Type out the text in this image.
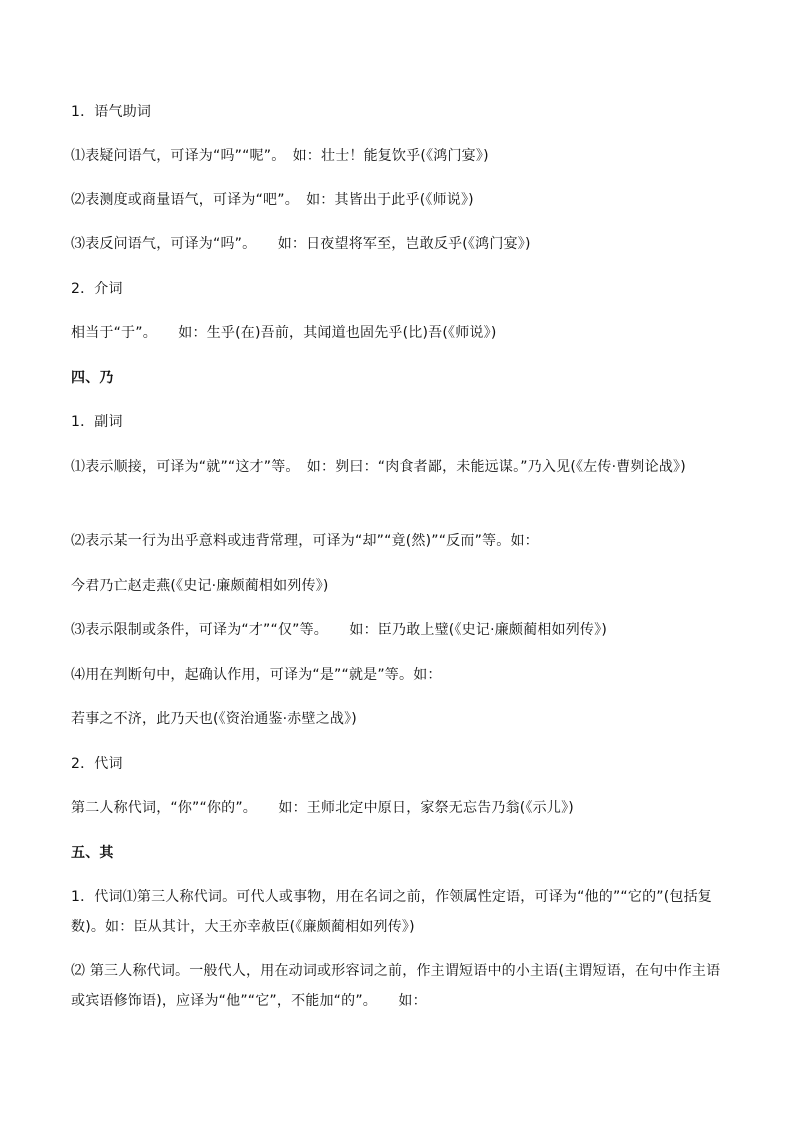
1．语气助词
⑴表疑问语气，可译为“吗”“呢”。　如：壮士！能复饮乎(《鸿门宴》)
⑵表测度或商量语气，可译为“吧”。　如：其皆出于此乎(《师说》)
⑶表反问语气，可译为“吗”。　　如：日夜望将军至，岂敢反乎(《鸿门宴》)
2．介词
相当于“于”。　　如：生乎(在)吾前，其闻道也固先乎(比)吾(《师说》)
四、乃
1．副词
⑴表示顺接，可译为“就”“这才”等。　如：刿曰：“肉食者鄙，未能远谋。”乃入见(《左传·曹刿论战》)
⑵表示某一行为出乎意料或违背常理，可译为“却”“竟(然)”“反而”等。如：
今君乃亡赵走燕(《史记·廉颇蔺相如列传》)
⑶表示限制或条件，可译为“才”“仅”等。　　如：臣乃敢上璧(《史记·廉颇蔺相如列传》)
⑷用在判断句中，起确认作用，可译为“是”“就是”等。如：
若事之不济，此乃天也(《资治通鉴·赤壁之战》)
2．代词
第二人称代词，“你”“你的”。　　如：王师北定中原日，家祭无忘告乃翁(《示儿》)
五、其
1．代词⑴第三人称代词。可代人或事物，用在名词之前，作领属性定语，可译为“他的”“它的”(包括复数)。如：臣从其计，大王亦幸赦臣(《廉颇蔺相如列传》)
⑵ 第三人称代词。一般代人，用在动词或形容词之前，作主谓短语中的小主语(主谓短语，在句中作主语或宾语修饰语)，应译为“他”“它”，不能加“的”。　　如：
